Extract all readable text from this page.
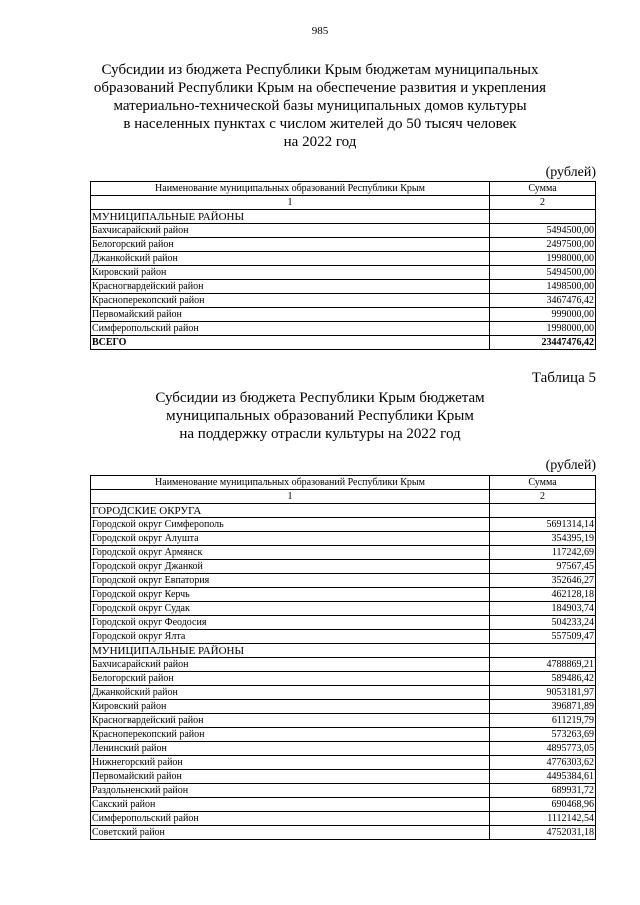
985
Субсидии из бюджета Республики Крым бюджетам муниципальных
образований Республики Крым на обеспечение развития и укрепления
материально-технической базы муниципальных домов культуры
в населенных пунктах с числом жителей до 50 тысяч человек
на 2022 год
(рублей)
Наименование муниципальных образований Республики Крым	Сумма
1	2
МУНИЦИПАЛЬНЫЕ РАЙОНЫ	
Бахчисарайский район	5494500,00
Белогорский район	2497500,00
Джанкойский район	1998000,00
Кировский район	5494500,00
Красногвардейский район	1498500,00
Красноперекопский район	3467476,42
Первомайский район	999000,00
Симферопольский район	1998000,00
ВСЕГО	23447476,42
Таблица 5
Субсидии из бюджета Республики Крым бюджетам
муниципальных образований Республики Крым
на поддержку отрасли культуры на 2022 год
(рублей)
Наименование муниципальных образований Республики Крым	Сумма
1	2
ГОРОДСКИЕ ОКРУГА	
Городской округ Симферополь	5691314,14
Городской округ Алушта	354395,19
Городской округ Армянск	117242,69
Городской округ Джанкой	97567,45
Городской округ Евпатория	352646,27
Городской округ Керчь	462128,18
Городской округ Судак	184903,74
Городской округ Феодосия	504233,24
Городской округ Ялта	557509,47
МУНИЦИПАЛЬНЫЕ РАЙОНЫ	
Бахчисарайский район	4788869,21
Белогорский район	589486,42
Джанкойский район	9053181,97
Кировский район	396871,89
Красногвардейский район	611219,79
Красноперекопский район	573263,69
Ленинский район	4895773,05
Нижнегорский район	4776303,62
Первомайский район	4495384,61
Раздольненский район	689931,72
Сакский район	690468,96
Симферопольский район	1112142,54
Советский район	4752031,18
